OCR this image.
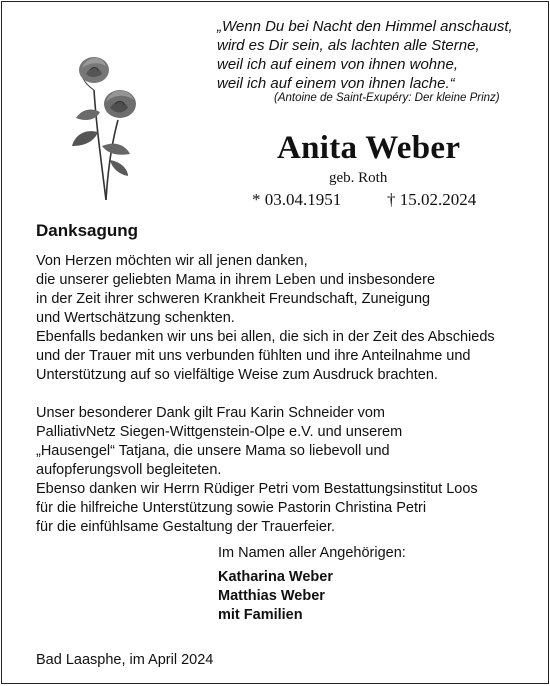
„Wenn Du bei Nacht den Himmel anschaust,
wird es Dir sein, als lachten alle Sterne,
weil ich auf einem von ihnen wohne,
weil ich auf einem von ihnen lache.“
(Antoine de Saint-Exupéry: Der kleine Prinz)
Anita Weber
geb. Roth
* 03.04.1951	† 15.02.2024
Danksagung
Von Herzen möchten wir all jenen danken,
die unserer geliebten Mama in ihrem Leben und insbesondere
in der Zeit ihrer schweren Krankheit Freundschaft, Zuneigung
und Wertschätzung schenkten.
Ebenfalls bedanken wir uns bei allen, die sich in der Zeit des Abschieds
und der Trauer mit uns verbunden fühlten und ihre Anteilnahme und
Unterstützung auf so vielfältige Weise zum Ausdruck brachten.
Unser besonderer Dank gilt Frau Karin Schneider vom
PalliativNetz Siegen-Wittgenstein-Olpe e.V. und unserem
„Hausengel“ Tatjana, die unsere Mama so liebevoll und
aufopferungsvoll begleiteten.
Ebenso danken wir Herrn Rüdiger Petri vom Bestattungsinstitut Loos
für die hilfreiche Unterstützung sowie Pastorin Christina Petri
für die einfühlsame Gestaltung der Trauerfeier.
Im Namen aller Angehörigen:
Katharina Weber
Matthias Weber
mit Familien
Bad Laasphe, im April 2024
